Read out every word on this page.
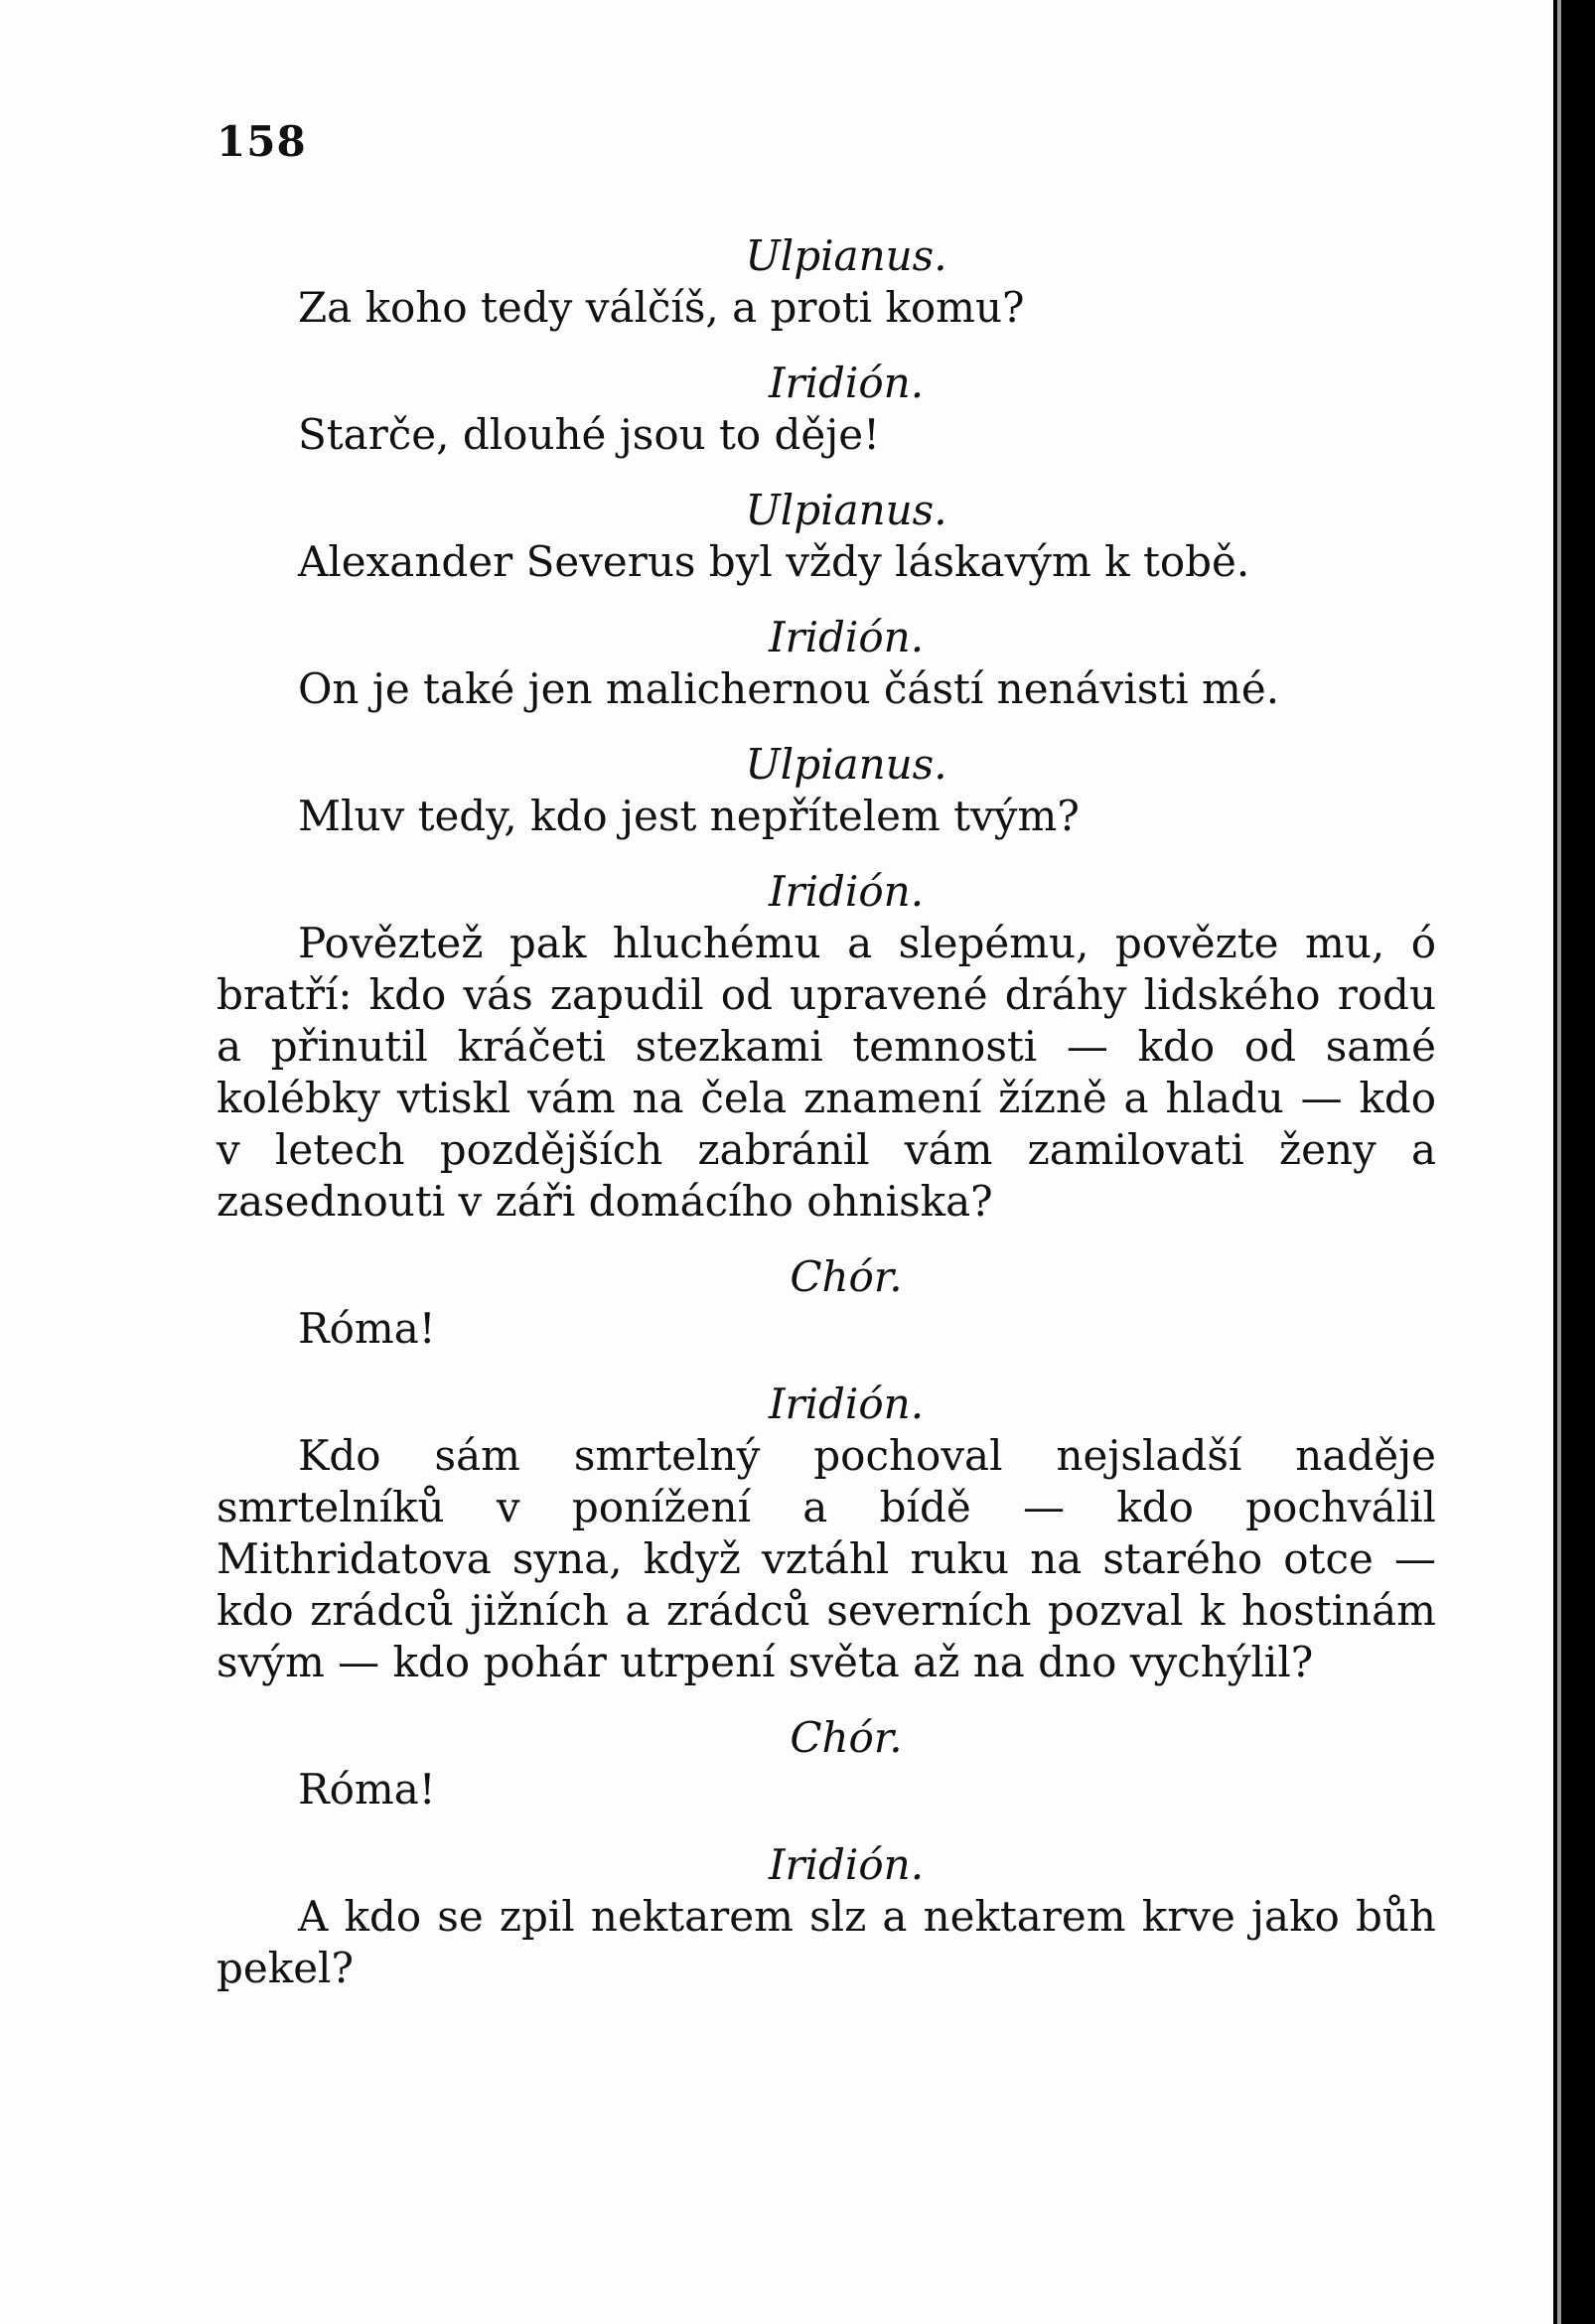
158

Ulpianus.

Za koho tedy válčíš, a proti komu?

Iridión.

Starče, dlouhé jsou to děje!

Ulpianus.

Alexander Severus byl vždy láskavým k tobě.

Iridión.

On je také jen malichernou částí nenávisti mé.

Ulpianus.

Mluv tedy, kdo jest nepřítelem tvým?

Iridión.

Pověztež pak hluchému a slepému, povězte mu, ó bratří: kdo vás zapudil od upravené dráhy lidského rodu a přinutil kráčeti stezkami temnosti — kdo od samé kolébky vtiskl vám na čela znamení žízně a hladu — kdo v letech pozdějších zabránil vám zamilovati ženy a zasednouti v záři domácího ohniska?

Chór.

Róma!

Iridión.

Kdo sám smrtelný pochoval nejsladší naděje smrtelníků v ponížení a bídě — kdo pochválil Mithridatova syna, když vztáhl ruku na starého otce — kdo zrádců jižních a zrádců severních pozval k hostinám svým — kdo pohár utrpení světa až na dno vychýlil?

Chór.

Róma!

Iridión.

A kdo se zpil nektarem slz a nektarem krve jako bůh pekel?
